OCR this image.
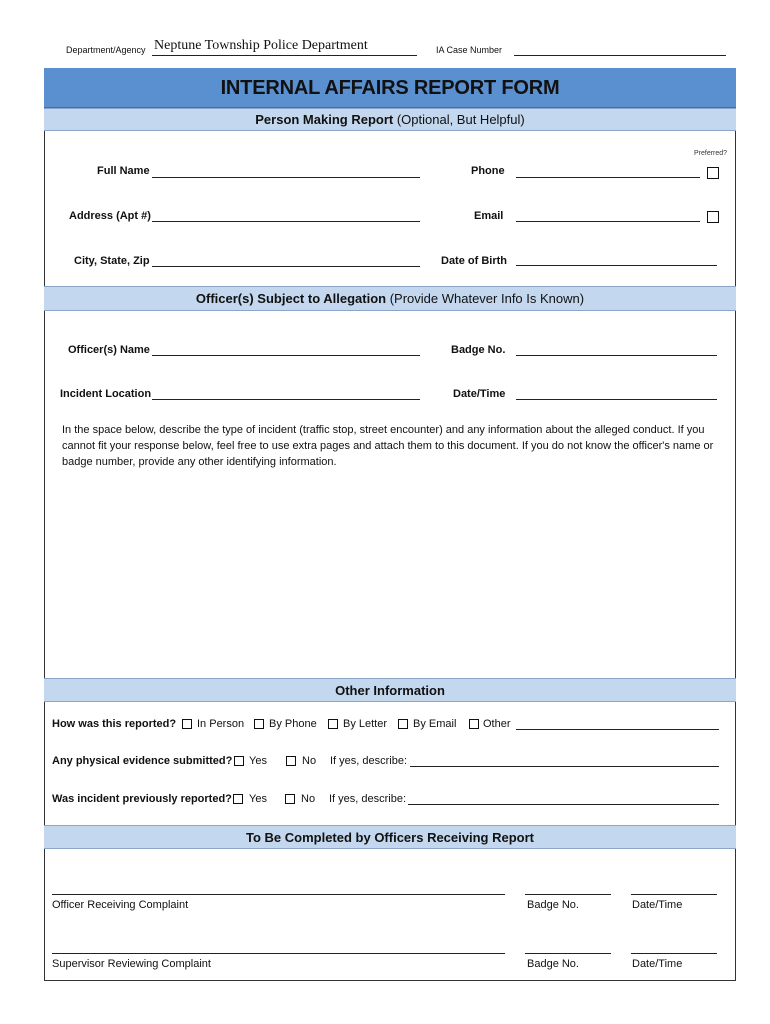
Department/Agency Neptune Township Police Department	IA Case Number
INTERNAL AFFAIRS REPORT FORM
Person Making Report (Optional, But Helpful)
Preferred?
Full Name	Phone
Address (Apt #)	Email
City, State, Zip	Date of Birth
Officer(s) Subject to Allegation (Provide Whatever Info Is Known)
Officer(s) Name	Badge No.
Incident Location	Date/Time
In the space below, describe the type of incident (traffic stop, street encounter) and any information about the alleged conduct. If you cannot fit your response below, feel free to use extra pages and attach them to this document. If you do not know the officer's name or badge number, provide any other identifying information.
Other Information
How was this reported? In Person By Phone By Letter By Email Other
Any physical evidence submitted? Yes	No If yes, describe:
Was incident previously reported? Yes	No If yes, describe:
To Be Completed by Officers Receiving Report
Officer Receiving Complaint	Badge No.	Date/Time
Supervisor Reviewing Complaint	Badge No.	Date/Time
